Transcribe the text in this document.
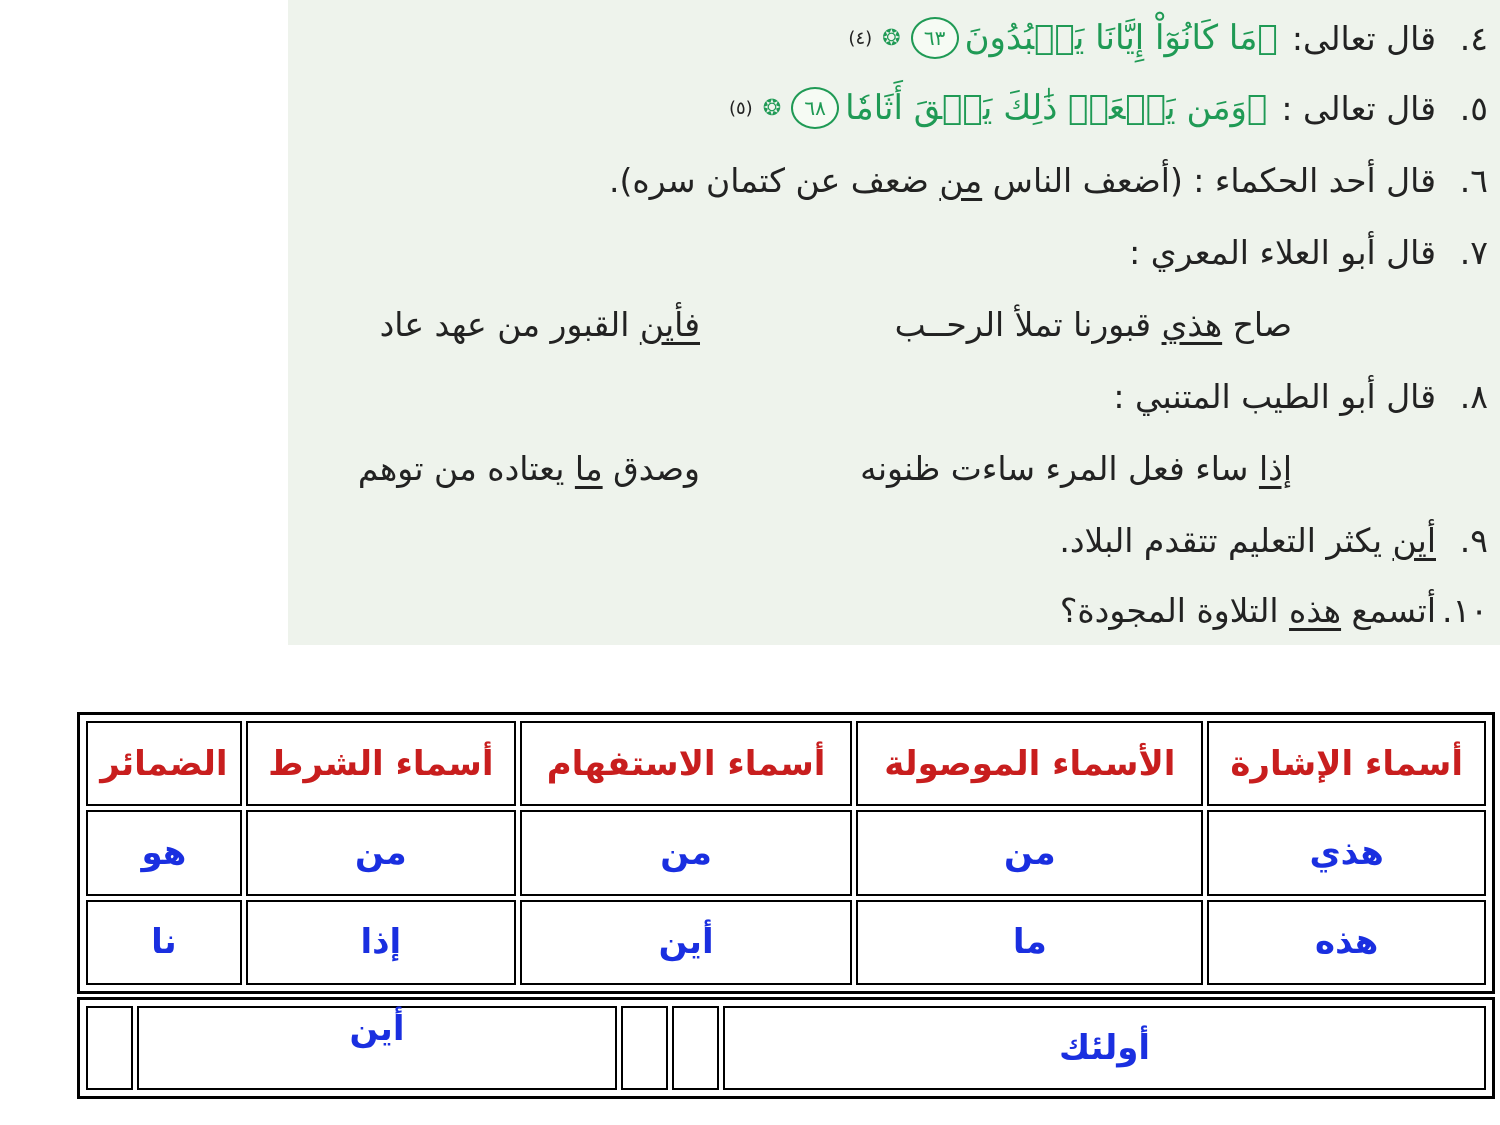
٤.
قال تعالى:
ﵟمَا كَانُوٓاْ إِيَّانَا يَعۡبُدُونَ
٦٣
❂
(٤)
٥.
قال تعالى :
ﵟوَمَن يَفۡعَلۡ ذَٰلِكَ يَلۡقَ أَثَامٗا
٦٨
❂
(٥)
٦.
قال أحد الحكماء : (أضعف الناس
من
ضعف عن كتمان سره).
٧.
قال أبو العلاء المعري :
صاح
هذي
قبورنا تملأ الرحــب
فأين
القبور من عهد عاد
٨.
قال أبو الطيب المتنبي :
إذا
ساء فعل المرء ساءت ظنونه
وصدق
ما
يعتاده من توهم
٩.
أين
يكثر التعليم تتقدم البلاد.
١٠.
أتسمع
هذه
التلاوة المجودة؟
أسماء الإشارة	الأسماء الموصولة	أسماء الاستفهام	أسماء الشرط	الضمائر
هذي	من	من	من	هو
هذه	ما	أين	إذا	نا
أولئك			أين	
